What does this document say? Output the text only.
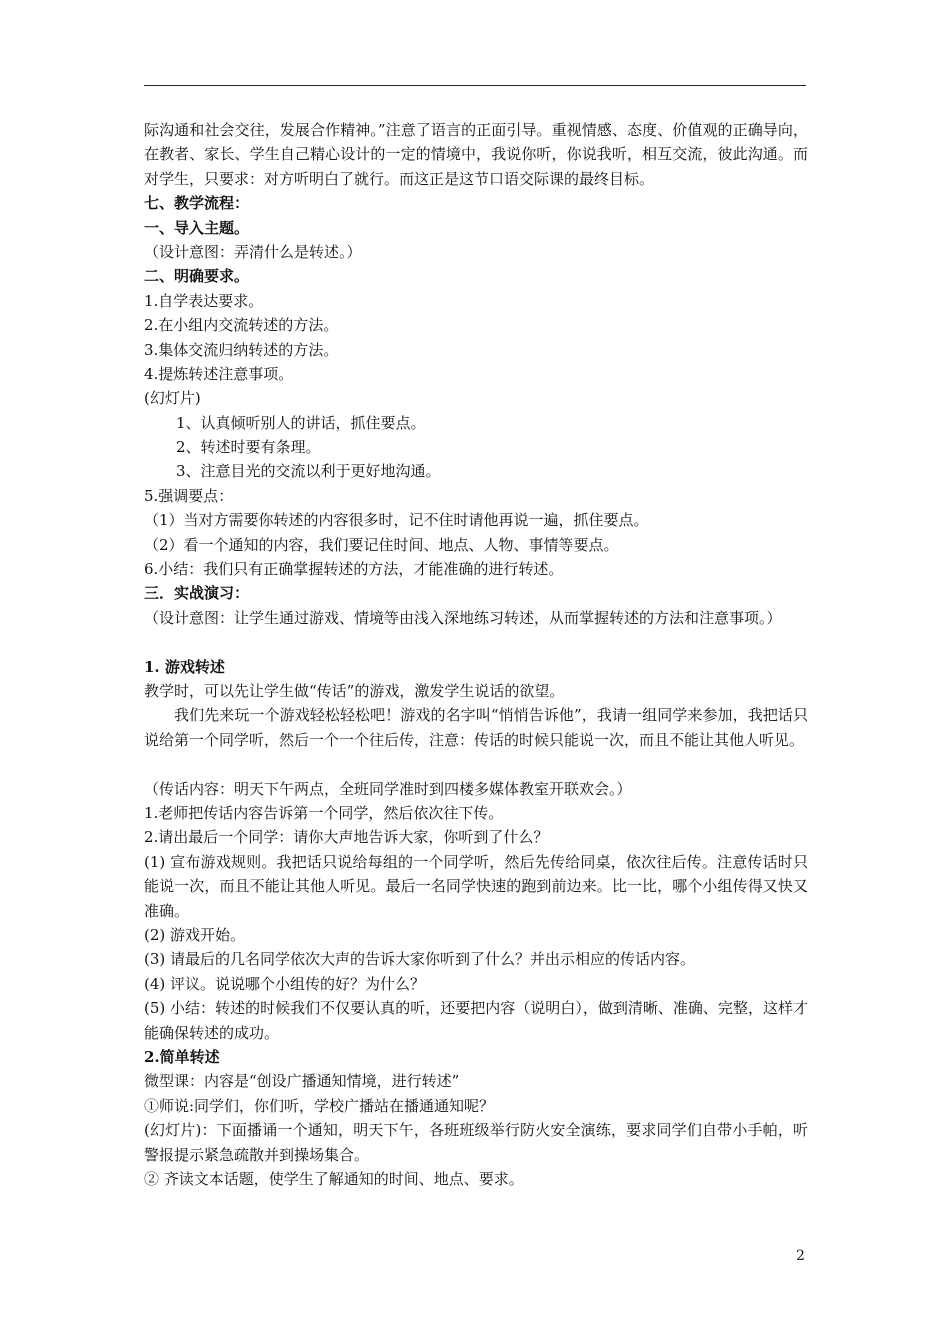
际沟通和社会交往，发展合作精神。”注意了语言的正面引导。重视情感、态度、价值观的正确导向，在教者、家长、学生自己精心设计的一定的情境中，我说你听，你说我听，相互交流，彼此沟通。而对学生，只要求：对方听明白了就行。而这正是这节口语交际课的最终目标。
七、教学流程：
一、导入主题。
（设计意图：弄清什么是转述。）
二、明确要求。
1.自学表达要求。
2.在小组内交流转述的方法。
3.集体交流归纳转述的方法。
4.提炼转述注意事项。
(幻灯片)
1、认真倾听别人的讲话，抓住要点。
2、转述时要有条理。
3、注意目光的交流以利于更好地沟通。
5.强调要点：
（1）当对方需要你转述的内容很多时，记不住时请他再说一遍，抓住要点。
（2）看一个通知的内容，我们要记住时间、地点、人物、事情等要点。
6.小结：我们只有正确掌握转述的方法，才能准确的进行转述。
三．实战演习：
（设计意图：让学生通过游戏、情境等由浅入深地练习转述，从而掌握转述的方法和注意事项。）
1. 游戏转述
教学时，可以先让学生做“传话”的游戏，激发学生说话的欲望。
我们先来玩一个游戏轻松轻松吧！游戏的名字叫“悄悄告诉他”，我请一组同学来参加，我把话只说给第一个同学听，然后一个一个往后传，注意：传话的时候只能说一次，而且不能让其他人听见。
（传话内容：明天下午两点，全班同学准时到四楼多媒体教室开联欢会。）
1.老师把传话内容告诉第一个同学，然后依次往下传。
2.请出最后一个同学：请你大声地告诉大家，你听到了什么？
(1) 宣布游戏规则。我把话只说给每组的一个同学听，然后先传给同桌，依次往后传。注意传话时只能说一次，而且不能让其他人听见。最后一名同学快速的跑到前边来。比一比，哪个小组传得又快又准确。
(2) 游戏开始。
(3) 请最后的几名同学依次大声的告诉大家你听到了什么？并出示相应的传话内容。
(4) 评议。说说哪个小组传的好？为什么？
(5) 小结：转述的时候我们不仅要认真的听，还要把内容（说明白），做到清晰、准确、完整，这样才能确保转述的成功。
2.简单转述
微型课：内容是“创设广播通知情境，进行转述”
①师说:同学们，你们听，学校广播站在播通通知呢？
(幻灯片)：下面播诵一个通知，明天下午，各班班级举行防火安全演练，要求同学们自带小手帕，听警报提示紧急疏散并到操场集合。
② 齐读文本话题，使学生了解通知的时间、地点、要求。
2
